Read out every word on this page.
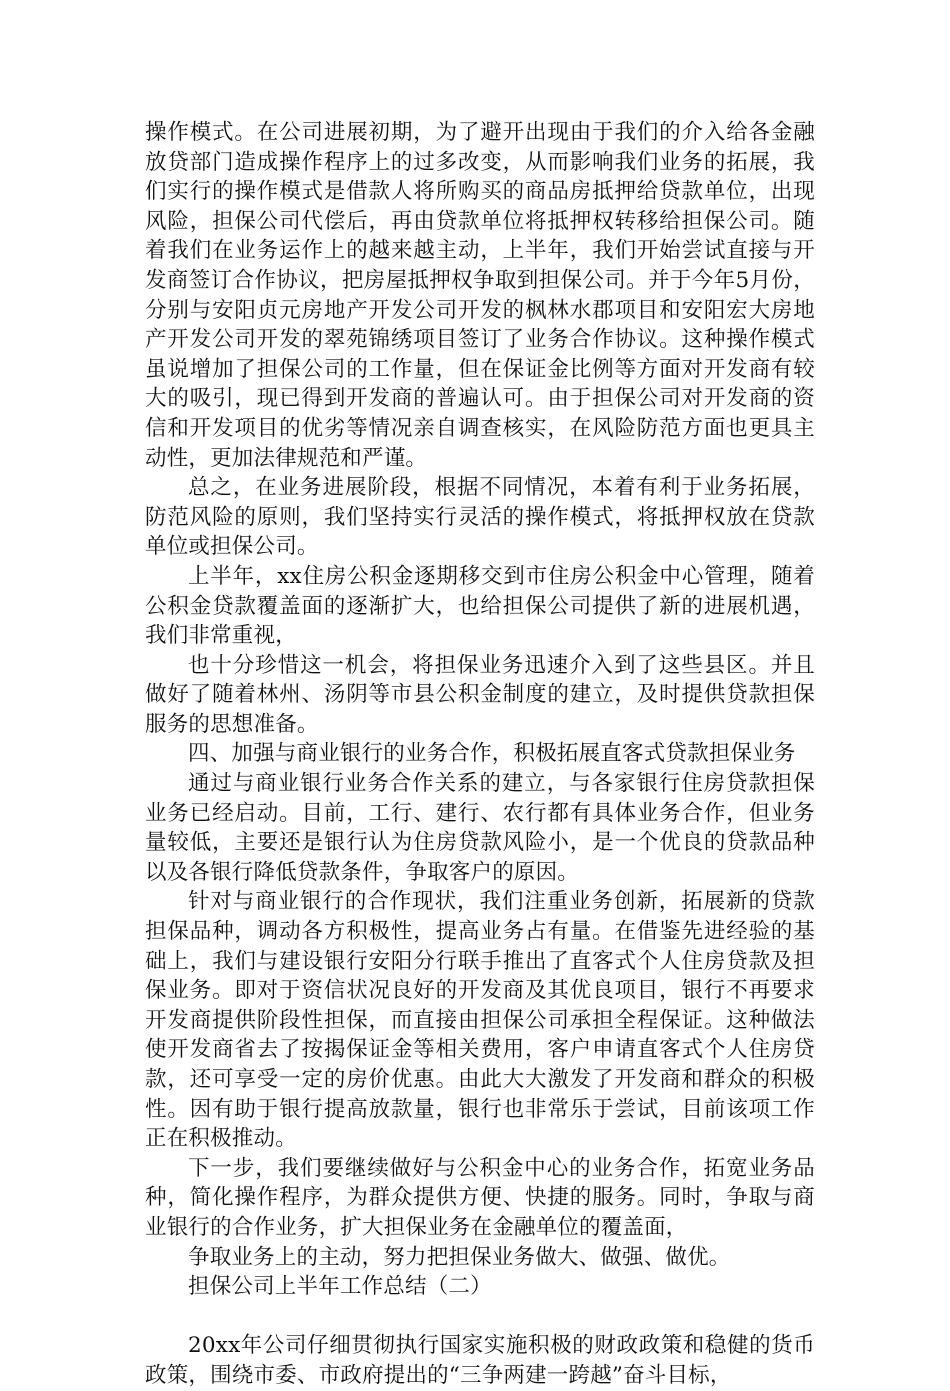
操作模式。在公司进展初期，为了避开出现由于我们的介入给各金融放贷部门造成操作程序上的过多改变，从而影响我们业务的拓展，我们实行的操作模式是借款人将所购买的商品房抵押给贷款单位，出现风险，担保公司代偿后，再由贷款单位将抵押权转移给担保公司。随着我们在业务运作上的越来越主动，上半年，我们开始尝试直接与开发商签订合作协议，把房屋抵押权争取到担保公司。并于今年5月份，分别与安阳贞元房地产开发公司开发的枫林水郡项目和安阳宏大房地产开发公司开发的翠苑锦绣项目签订了业务合作协议。这种操作模式虽说增加了担保公司的工作量，但在保证金比例等方面对开发商有较大的吸引，现已得到开发商的普遍认可。由于担保公司对开发商的资信和开发项目的优劣等情况亲自调查核实，在风险防范方面也更具主动性，更加法律规范和严谨。

总之，在业务进展阶段，根据不同情况，本着有利于业务拓展，防范风险的原则，我们坚持实行灵活的操作模式，将抵押权放在贷款单位或担保公司。

上半年，xx住房公积金逐期移交到市住房公积金中心管理，随着公积金贷款覆盖面的逐渐扩大，也给担保公司提供了新的进展机遇，我们非常重视，

也十分珍惜这一机会，将担保业务迅速介入到了这些县区。并且做好了随着林州、汤阴等市县公积金制度的建立，及时提供贷款担保服务的思想准备。

四、加强与商业银行的业务合作，积极拓展直客式贷款担保业务

通过与商业银行业务合作关系的建立，与各家银行住房贷款担保业务已经启动。目前，工行、建行、农行都有具体业务合作，但业务量较低，主要还是银行认为住房贷款风险小，是一个优良的贷款品种以及各银行降低贷款条件，争取客户的原因。

针对与商业银行的合作现状，我们注重业务创新，拓展新的贷款担保品种，调动各方积极性，提高业务占有量。在借鉴先进经验的基础上，我们与建设银行安阳分行联手推出了直客式个人住房贷款及担保业务。即对于资信状况良好的开发商及其优良项目，银行不再要求开发商提供阶段性担保，而直接由担保公司承担全程保证。这种做法使开发商省去了按揭保证金等相关费用，客户申请直客式个人住房贷款，还可享受一定的房价优惠。由此大大激发了开发商和群众的积极性。因有助于银行提高放款量，银行也非常乐于尝试，目前该项工作正在积极推动。

下一步，我们要继续做好与公积金中心的业务合作，拓宽业务品种，简化操作程序，为群众提供方便、快捷的服务。同时，争取与商业银行的合作业务，扩大担保业务在金融单位的覆盖面，

争取业务上的主动，努力把担保业务做大、做强、做优。

担保公司上半年工作总结（二）

20xx年公司仔细贯彻执行国家实施积极的财政政策和稳健的货币政策，围绕市委、市政府提出的“三争两建一跨越”奋斗目标，
